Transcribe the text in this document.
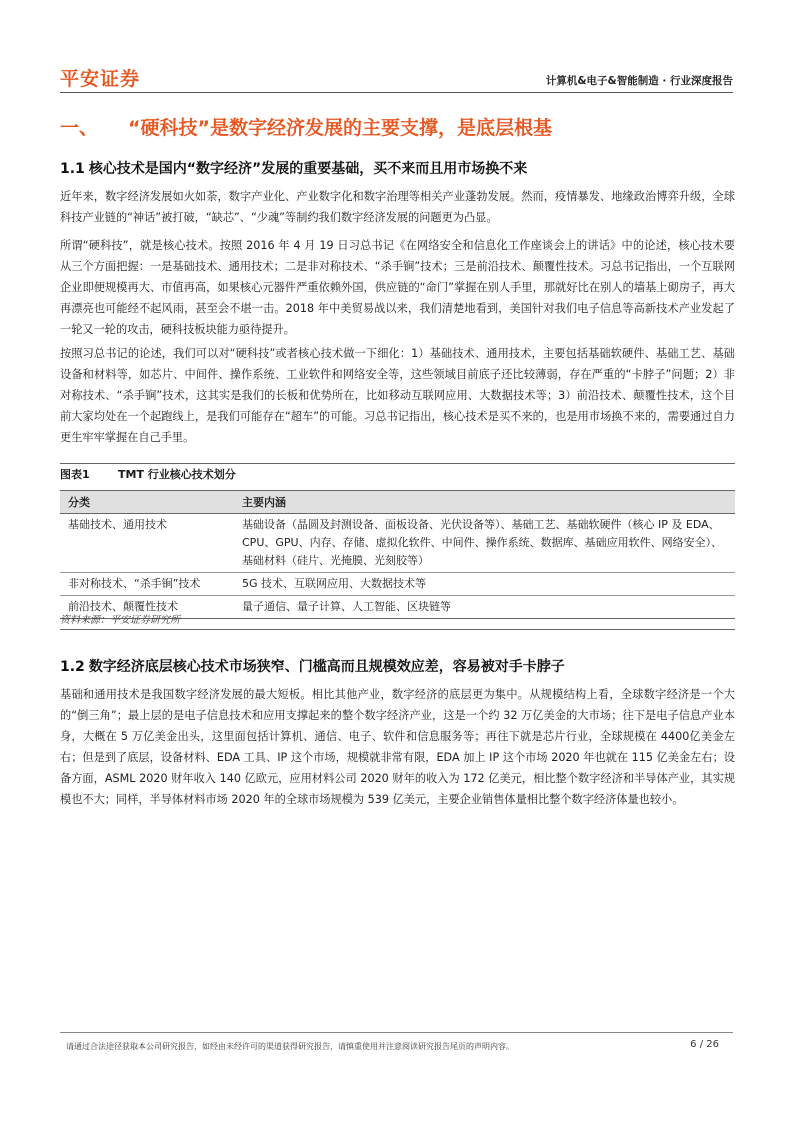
平安证券	计算机&电子&智能制造 · 行业深度报告
一、 “硬科技”是数字经济发展的主要支撑，是底层根基
1.1 核心技术是国内“数字经济”发展的重要基础，买不来而且用市场换不来
近年来，数字经济发展如火如荼，数字产业化、产业数字化和数字治理等相关产业蓬勃发展。然而，疫情暴发、地缘政治博弈升级，全球科技产业链的“神话”被打破，“缺芯”、“少魂”等制约我们数字经济发展的问题更为凸显。
所谓“硬科技”，就是核心技术。按照 2016 年 4 月 19 日习总书记《在网络安全和信息化工作座谈会上的讲话》中的论述，核心技术要从三个方面把握：一是基础技术、通用技术；二是非对称技术、“杀手锏”技术；三是前沿技术、颠覆性技术。习总书记指出，一个互联网企业即便规模再大、市值再高，如果核心元器件严重依赖外国，供应链的“命门”掌握在别人手里，那就好比在别人的墙基上砌房子，再大再漂亮也可能经不起风雨，甚至会不堪一击。2018 年中美贸易战以来，我们清楚地看到，美国针对我们电子信息等高新技术产业发起了一轮又一轮的攻击，硬科技板块能力亟待提升。
按照习总书记的论述，我们可以对“硬科技”或者核心技术做一下细化：1）基础技术、通用技术，主要包括基础软硬件、基础工艺、基础设备和材料等，如芯片、中间件、操作系统、工业软件和网络安全等，这些领域目前底子还比较薄弱，存在严重的“卡脖子”问题；2）非对称技术、“杀手锏”技术，这其实是我们的长板和优势所在，比如移动互联网应用、大数据技术等；3）前沿技术、颠覆性技术，这个目前大家均处在一个起跑线上，是我们可能存在“超车”的可能。习总书记指出，核心技术是买不来的，也是用市场换不来的，需要通过自力更生牢牢掌握在自己手里。
图表1	TMT 行业核心技术划分
分类	主要内涵
基础技术、通用技术	基础设备（晶圆及封测设备、面板设备、光伏设备等）、基础工艺、基础软硬件（核心 IP 及 EDA、CPU、GPU、内存、存储、虚拟化软件、中间件、操作系统、数据库、基础应用软件、网络安全）、基础材料（硅片、光掩膜、光刻胶等）
非对称技术、“杀手锏”技术	5G 技术、互联网应用、大数据技术等
前沿技术、颠覆性技术	量子通信、量子计算、人工智能、区块链等
资料来源：平安证券研究所
1.2 数字经济底层核心技术市场狭窄、门槛高而且规模效应差，容易被对手卡脖子
基础和通用技术是我国数字经济发展的最大短板。相比其他产业，数字经济的底层更为集中。从规模结构上看，全球数字经济是一个大的“倒三角”；最上层的是电子信息技术和应用支撑起来的整个数字经济产业，这是一个约 32 万亿美金的大市场；往下是电子信息产业本身，大概在 5 万亿美金出头，这里面包括计算机、通信、电子、软件和信息服务等；再往下就是芯片行业，全球规模在 4400亿美金左右；但是到了底层，设备材料、EDA 工具、IP 这个市场，规模就非常有限，EDA 加上 IP 这个市场 2020 年也就在 115 亿美金左右；设备方面，ASML 2020 财年收入 140 亿欧元，应用材料公司 2020 财年的收入为 172 亿美元，相比整个数字经济和半导体产业，其实规模也不大；同样，半导体材料市场 2020 年的全球市场规模为 539 亿美元，主要企业销售体量相比整个数字经济体量也较小。
请通过合法途径获取本公司研究报告，如经由未经许可的渠道获得研究报告，请慎重使用并注意阅读研究报告尾页的声明内容。	6 / 26
